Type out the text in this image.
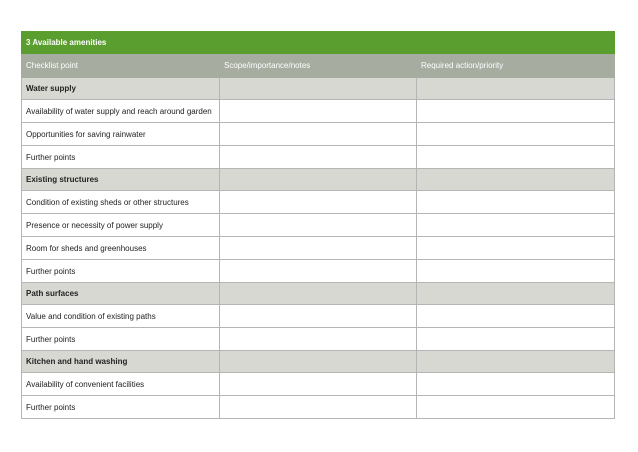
3 Available amenities		
Checklist point	Scope/importance/notes	Required action/priority
Water supply		
Availability of water supply and reach around garden		
Opportunities for saving rainwater		
Further points		
Existing structures		
Condition of existing sheds or other structures		
Presence or necessity of power supply		
Room for sheds and greenhouses		
Further points		
Path surfaces		
Value and condition of existing paths		
Further points		
Kitchen and hand washing		
Availability of convenient facilities		
Further points		
